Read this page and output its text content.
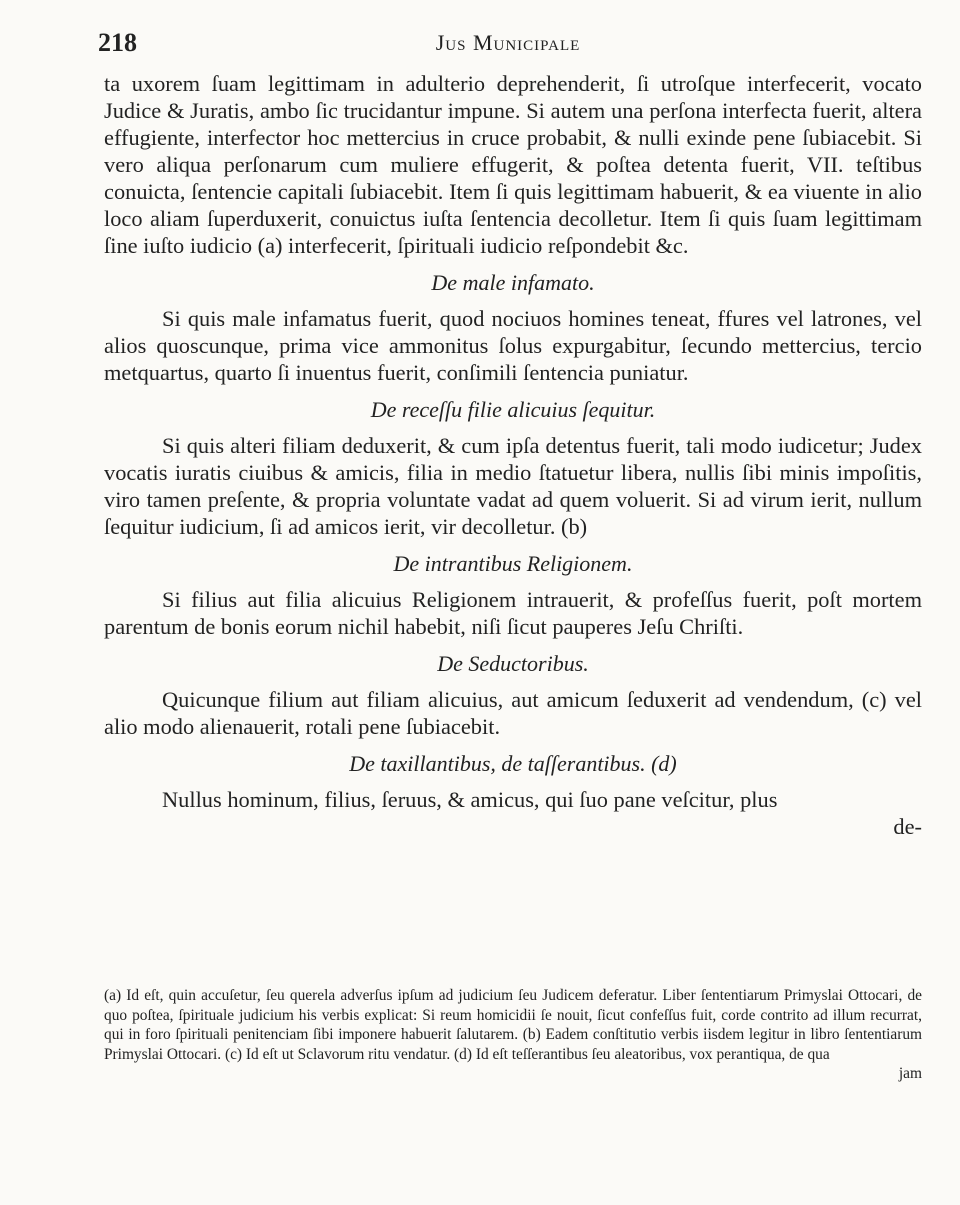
218	Jus Municipale

ta uxorem ſuam legittimam in adulterio deprehenderit, ſi utroſque interfecerit, vocato Judice & Juratis, ambo ſic trucidantur impune. Si autem una perſona interfecta fuerit, altera effugiente, interfector hoc mettercius in cruce probabit, & nulli exinde pene ſubiacebit. Si vero aliqua perſonarum cum muliere effugerit, & poſtea detenta fuerit, VII. teſtibus conuicta, ſentencie capitali ſubiacebit. Item ſi quis legittimam habuerit, & ea viuente in alio loco aliam ſuperduxerit, conuictus iuſta ſentencia decolletur. Item ſi quis ſuam legittimam ſine iuſto iudicio (a) interfecerit, ſpirituali iudicio reſpondebit &c.

De male infamato.

Si quis male infamatus fuerit, quod nociuos homines teneat, ffures vel latrones, vel alios quoscunque, prima vice ammonitus ſolus expurgabitur, ſecundo mettercius, tercio metquartus, quarto ſi inuentus fuerit, conſimili ſentencia puniatur.

De receſſu filie alicuius ſequitur.

Si quis alteri filiam deduxerit, & cum ipſa detentus fuerit, tali modo iudicetur; Judex vocatis iuratis ciuibus & amicis, filia in medio ſtatuetur libera, nullis ſibi minis impoſitis, viro tamen preſente, & propria voluntate vadat ad quem voluerit. Si ad virum ierit, nullum ſequitur iudicium, ſi ad amicos ierit, vir decolletur. (b)

De intrantibus Religionem.

Si filius aut filia alicuius Religionem intrauerit, & profeſſus fuerit, poſt mortem parentum de bonis eorum nichil habebit, niſi ſicut pauperes Jeſu Chriſti.

De Seductoribus.

Quicunque filium aut filiam alicuius, aut amicum ſeduxerit ad vendendum, (c) vel alio modo alienauerit, rotali pene ſubiacebit.

De taxillantibus, de taſſerantibus. (d)

Nullus hominum, filius, ſeruus, & amicus, qui ſuo pane veſcitur, plus

de-

(a) Id eſt, quin accuſetur, ſeu querela adverſus ipſum ad judicium ſeu Judicem deferatur. Liber ſententiarum Primyslai Ottocari, de quo poſtea, ſpirituale judicium his verbis explicat: Si reum homicidii ſe nouit, ſicut confeſſus fuit, corde contrito ad illum recurrat, qui in foro ſpirituali penitenciam ſibi imponere habuerit ſalutarem. (b) Eadem conſtitutio verbis iisdem legitur in libro ſententiarum Primyslai Ottocari. (c) Id eſt ut Sclavorum ritu vendatur. (d) Id eſt teſſerantibus ſeu aleatoribus, vox perantiqua, de qua

jam
